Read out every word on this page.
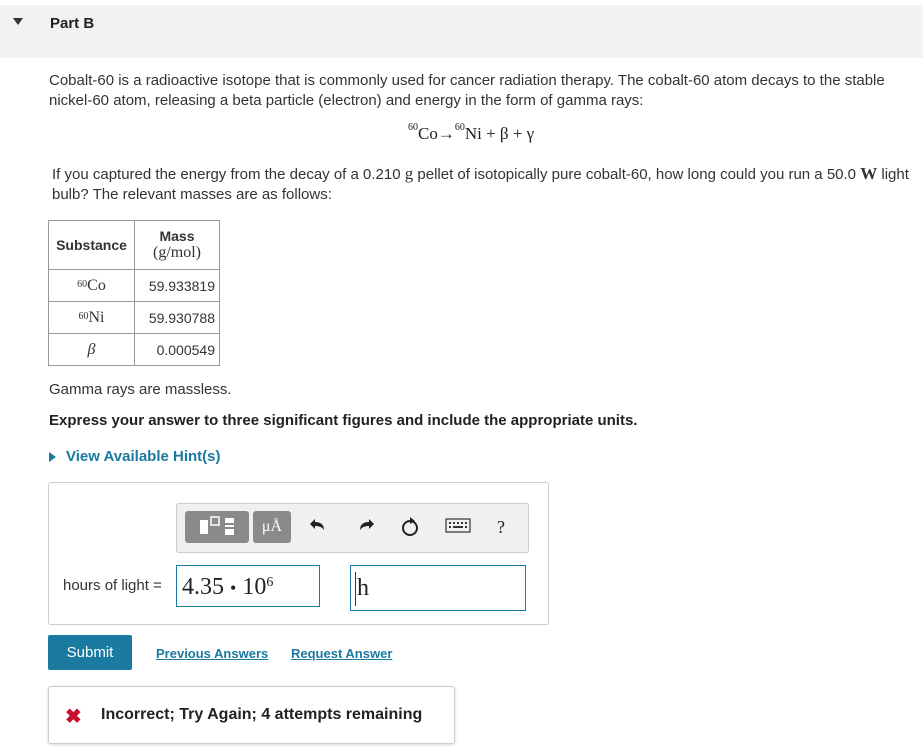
Part B
Cobalt-60 is a radioactive isotope that is commonly used for cancer radiation therapy. The cobalt-60 atom decays to the stable nickel-60 atom, releasing a beta particle (electron) and energy in the form of gamma rays:
$^{60}$Co→$^{60}$Ni + β + γ
If you captured the energy from the decay of a 0.210 g pellet of isotopically pure cobalt-60, how long could you run a 50.0 W light bulb? The relevant masses are as follows:
Substance	Mass
(g/mol)

$^{60}$Co	59.933819
$^{60}$Ni	59.930788
β	0.000549
Gamma rays are massless.
Express your answer to three significant figures and include the appropriate units.
View Available Hint(s)
μÅ	?
hours of light = 4.35 • $10^6$	h
Submit	Previous Answers Request Answer
✖ Incorrect; Try Again; 4 attempts remaining
